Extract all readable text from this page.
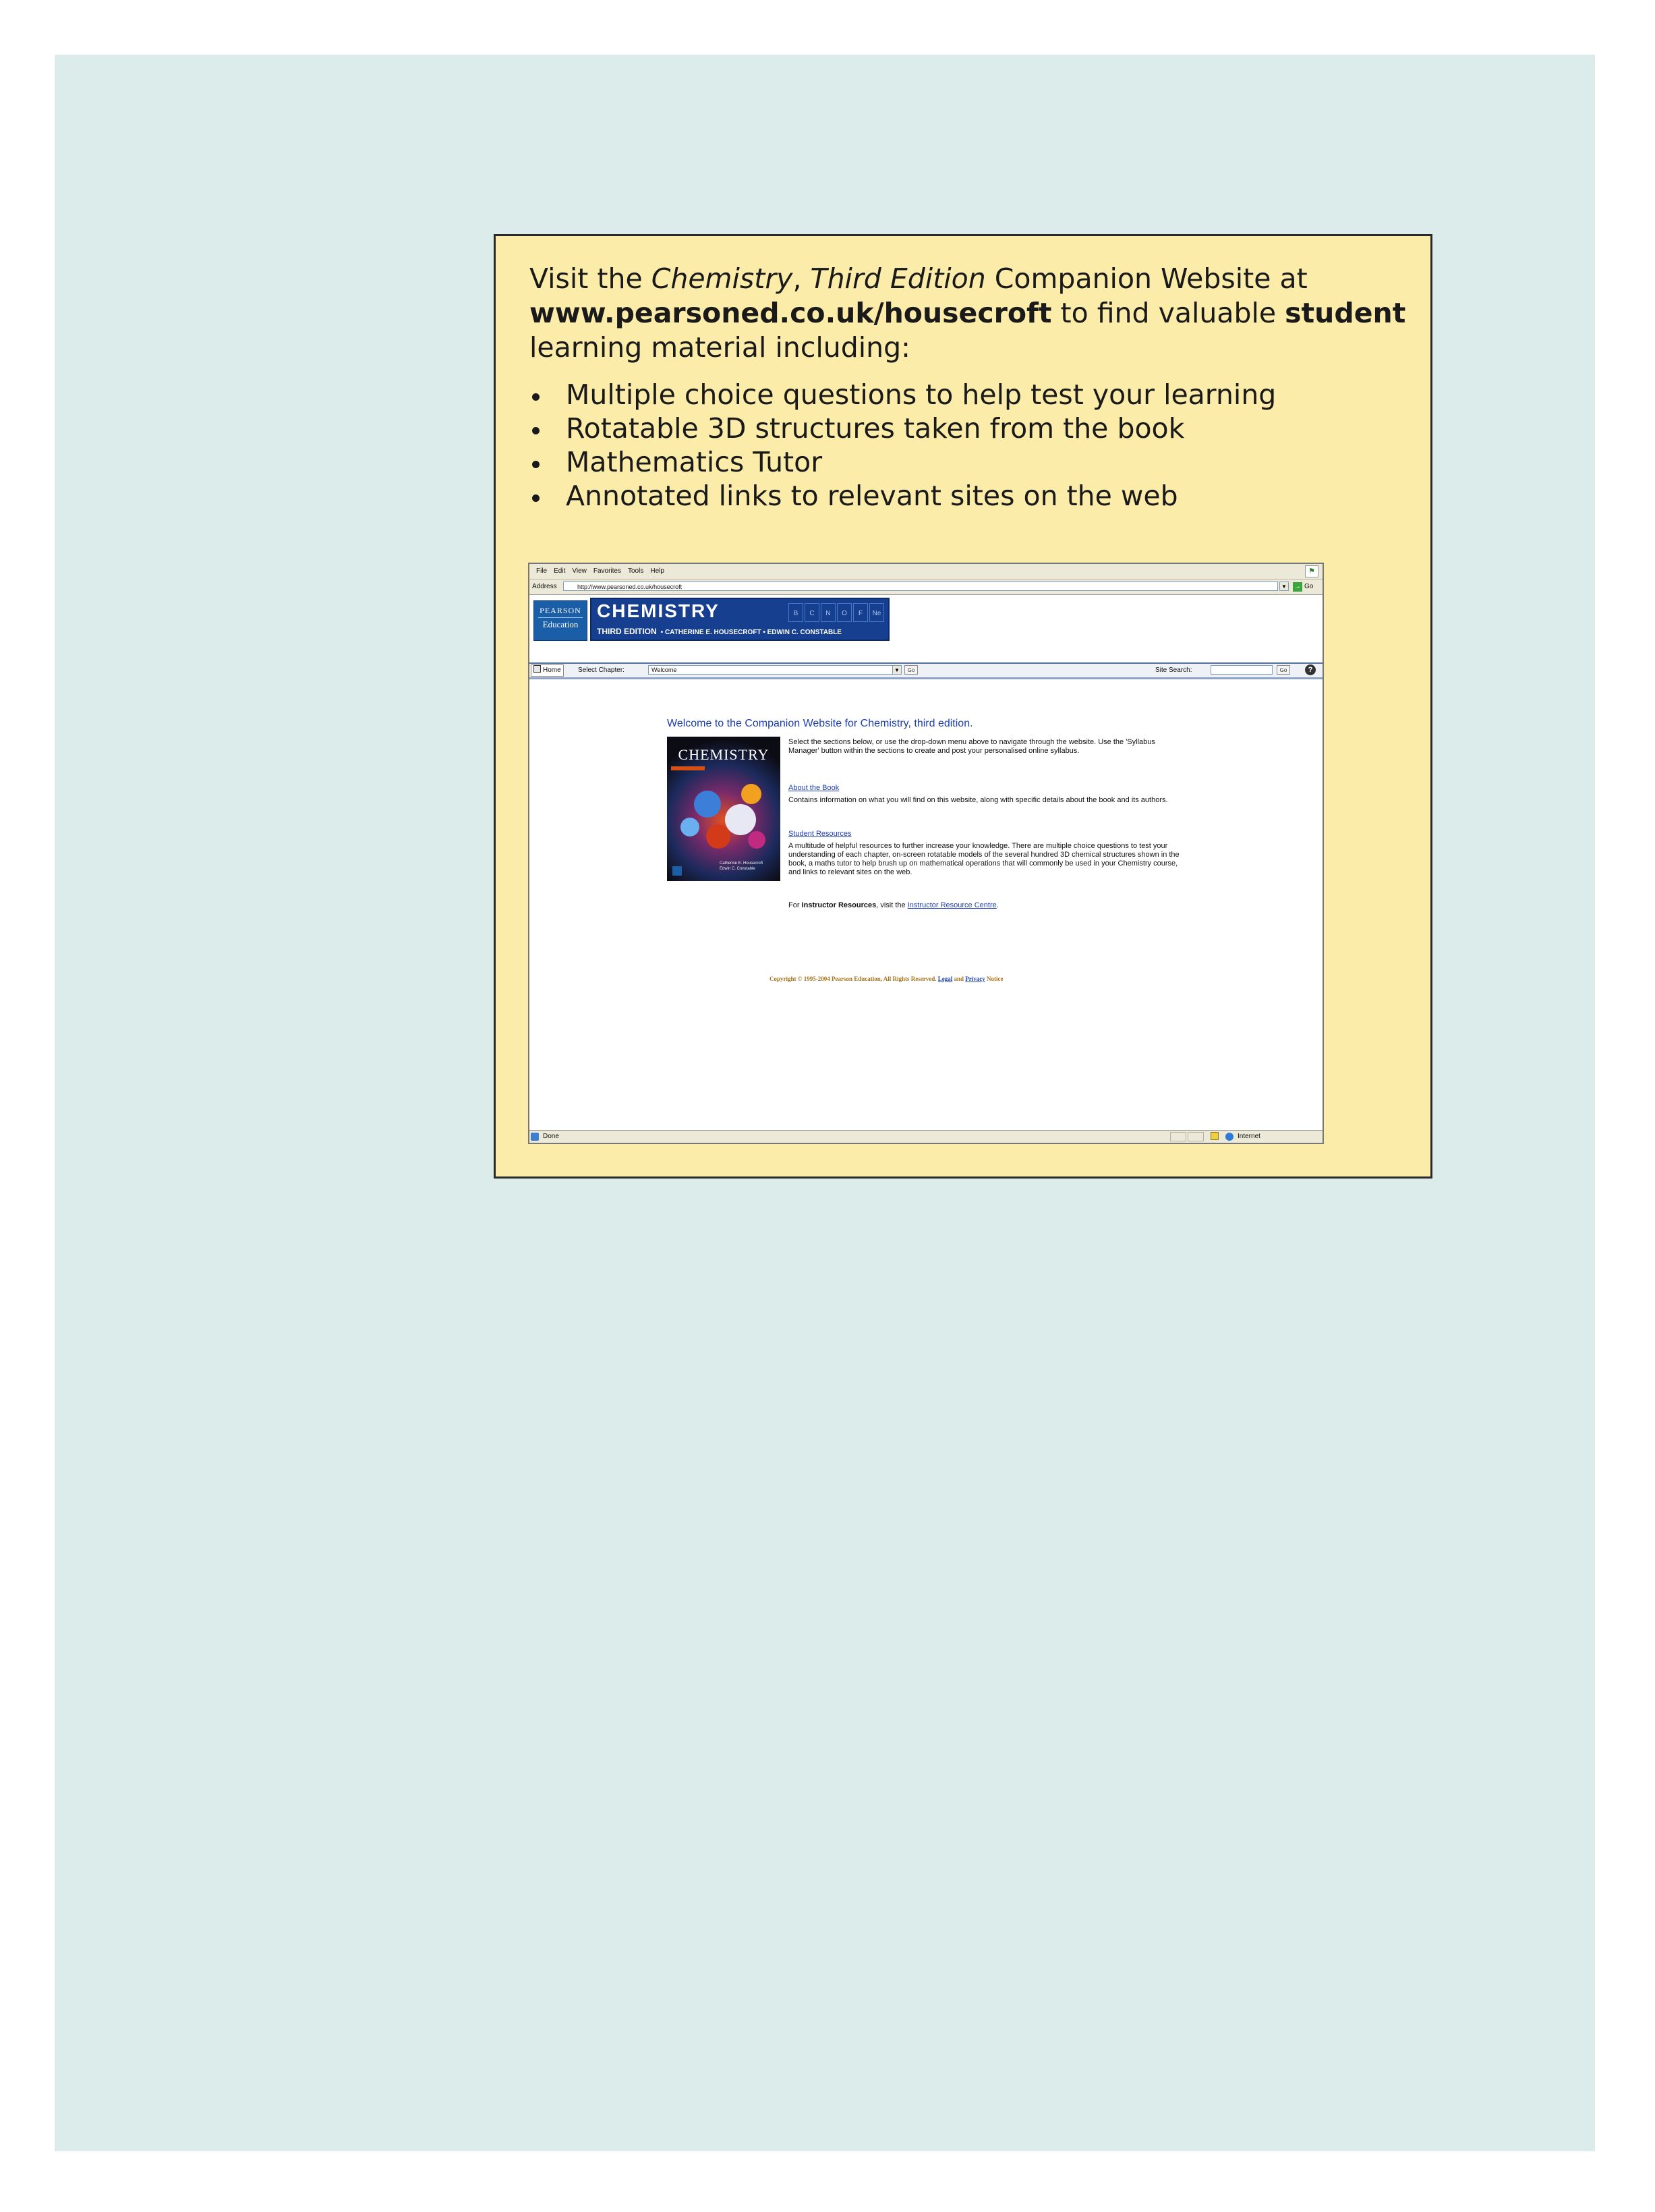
Visit the Chemistry, Third Edition Companion Website at
www.pearsoned.co.uk/housecroft to find valuable student
learning material including:
Multiple choice questions to help test your learning
Rotatable 3D structures taken from the book
Mathematics Tutor
Annotated links to relevant sites on the web
File Edit View Favorites Tools Help	⚑
Address	http://www.pearsoned.co.uk/housecroft	▼	→ Go
PEARSON
Education
CHEMISTRY
THIRD EDITION • CATHERINE E. HOUSECROFT • EDWIN C. CONSTABLE
B	C	N	O	F	Ne
Home	Select Chapter:	Welcome	▼	Go	Site Search:	Go	?
Welcome to the Companion Website for Chemistry, third edition.
CHEMISTRY
Catherine E. Housecroft
Edwin C. Constable
Select the sections below, or use the drop-down menu above to navigate through the website. Use the 'Syllabus Manager' button within the sections to create and post your personalised online syllabus.
About the Book
Contains information on what you will find on this website, along with specific details about the book and its authors.
Student Resources
A multitude of helpful resources to further increase your knowledge. There are multiple choice questions to test your understanding of each chapter, on-screen rotatable models of the several hundred 3D chemical structures shown in the book, a maths tutor to help brush up on mathematical operations that will commonly be used in your Chemistry course, and links to relevant sites on the web.
For Instructor Resources, visit the Instructor Resource Centre.
Copyright © 1995-2004 Pearson Education, All Rights Reserved. Legal and Privacy Notice
Done	Internet
